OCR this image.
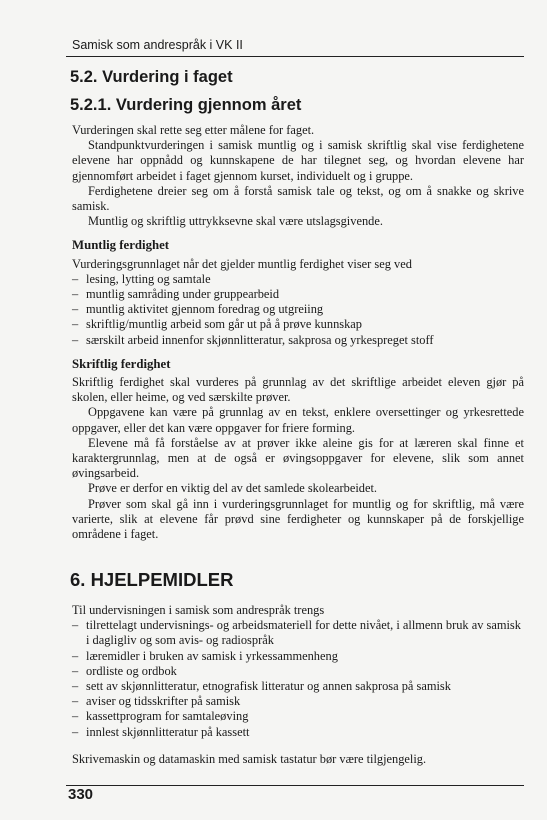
Samisk som andrespråk i VK II
5.2. Vurdering i faget
5.2.1. Vurdering gjennom året

Vurderingen skal rette seg etter målene for faget.

Standpunktvurderingen i samisk muntlig og i samisk skriftlig skal vise ferdighetene elevene har oppnådd og kunnskapene de har tilegnet seg, og hvordan elevene har gjennomført arbeidet i faget gjennom kurset, individuelt og i gruppe.

Ferdighetene dreier seg om å forstå samisk tale og tekst, og om å snakke og skrive samisk.

Muntlig og skriftlig uttrykksevne skal være utslagsgivende.

Muntlig ferdighet

Vurderingsgrunnlaget når det gjelder muntlig ferdighet viser seg ved

– lesing, lytting og samtale
– muntlig samråding under gruppearbeid
– muntlig aktivitet gjennom foredrag og utgreiing
– skriftlig/muntlig arbeid som går ut på å prøve kunnskap
– særskilt arbeid innenfor skjønnlitteratur, sakprosa og yrkespreget stoff

Skriftlig ferdighet

Skriftlig ferdighet skal vurderes på grunnlag av det skriftlige arbeidet eleven gjør på skolen, eller heime, og ved særskilte prøver.

Oppgavene kan være på grunnlag av en tekst, enklere oversettinger og yrkesrettede oppgaver, eller det kan være oppgaver for friere forming.

Elevene må få forståelse av at prøver ikke aleine gis for at læreren skal finne et karaktergrunnlag, men at de også er øvingsoppgaver for elevene, slik som annet øvingsarbeid.

Prøve er derfor en viktig del av det samlede skolearbeidet.

Prøver som skal gå inn i vurderingsgrunnlaget for muntlig og for skriftlig, må være varierte, slik at elevene får prøvd sine ferdigheter og kunnskaper på de forskjellige områdene i faget.

6. HJELPEMIDLER

Til undervisningen i samisk som andrespråk trengs

– tilrettelagt undervisnings- og arbeidsmateriell for dette nivået, i allmenn bruk av samisk i dagligliv og som avis- og radiospråk
– læremidler i bruken av samisk i yrkessammenheng
– ordliste og ordbok
– sett av skjønnlitteratur, etnografisk litteratur og annen sakprosa på samisk
– aviser og tidsskrifter på samisk
– kassettprogram for samtaleøving
– innlest skjønnlitteratur på kassett

Skrivemaskin og datamaskin med samisk tastatur bør være tilgjengelig.

330
